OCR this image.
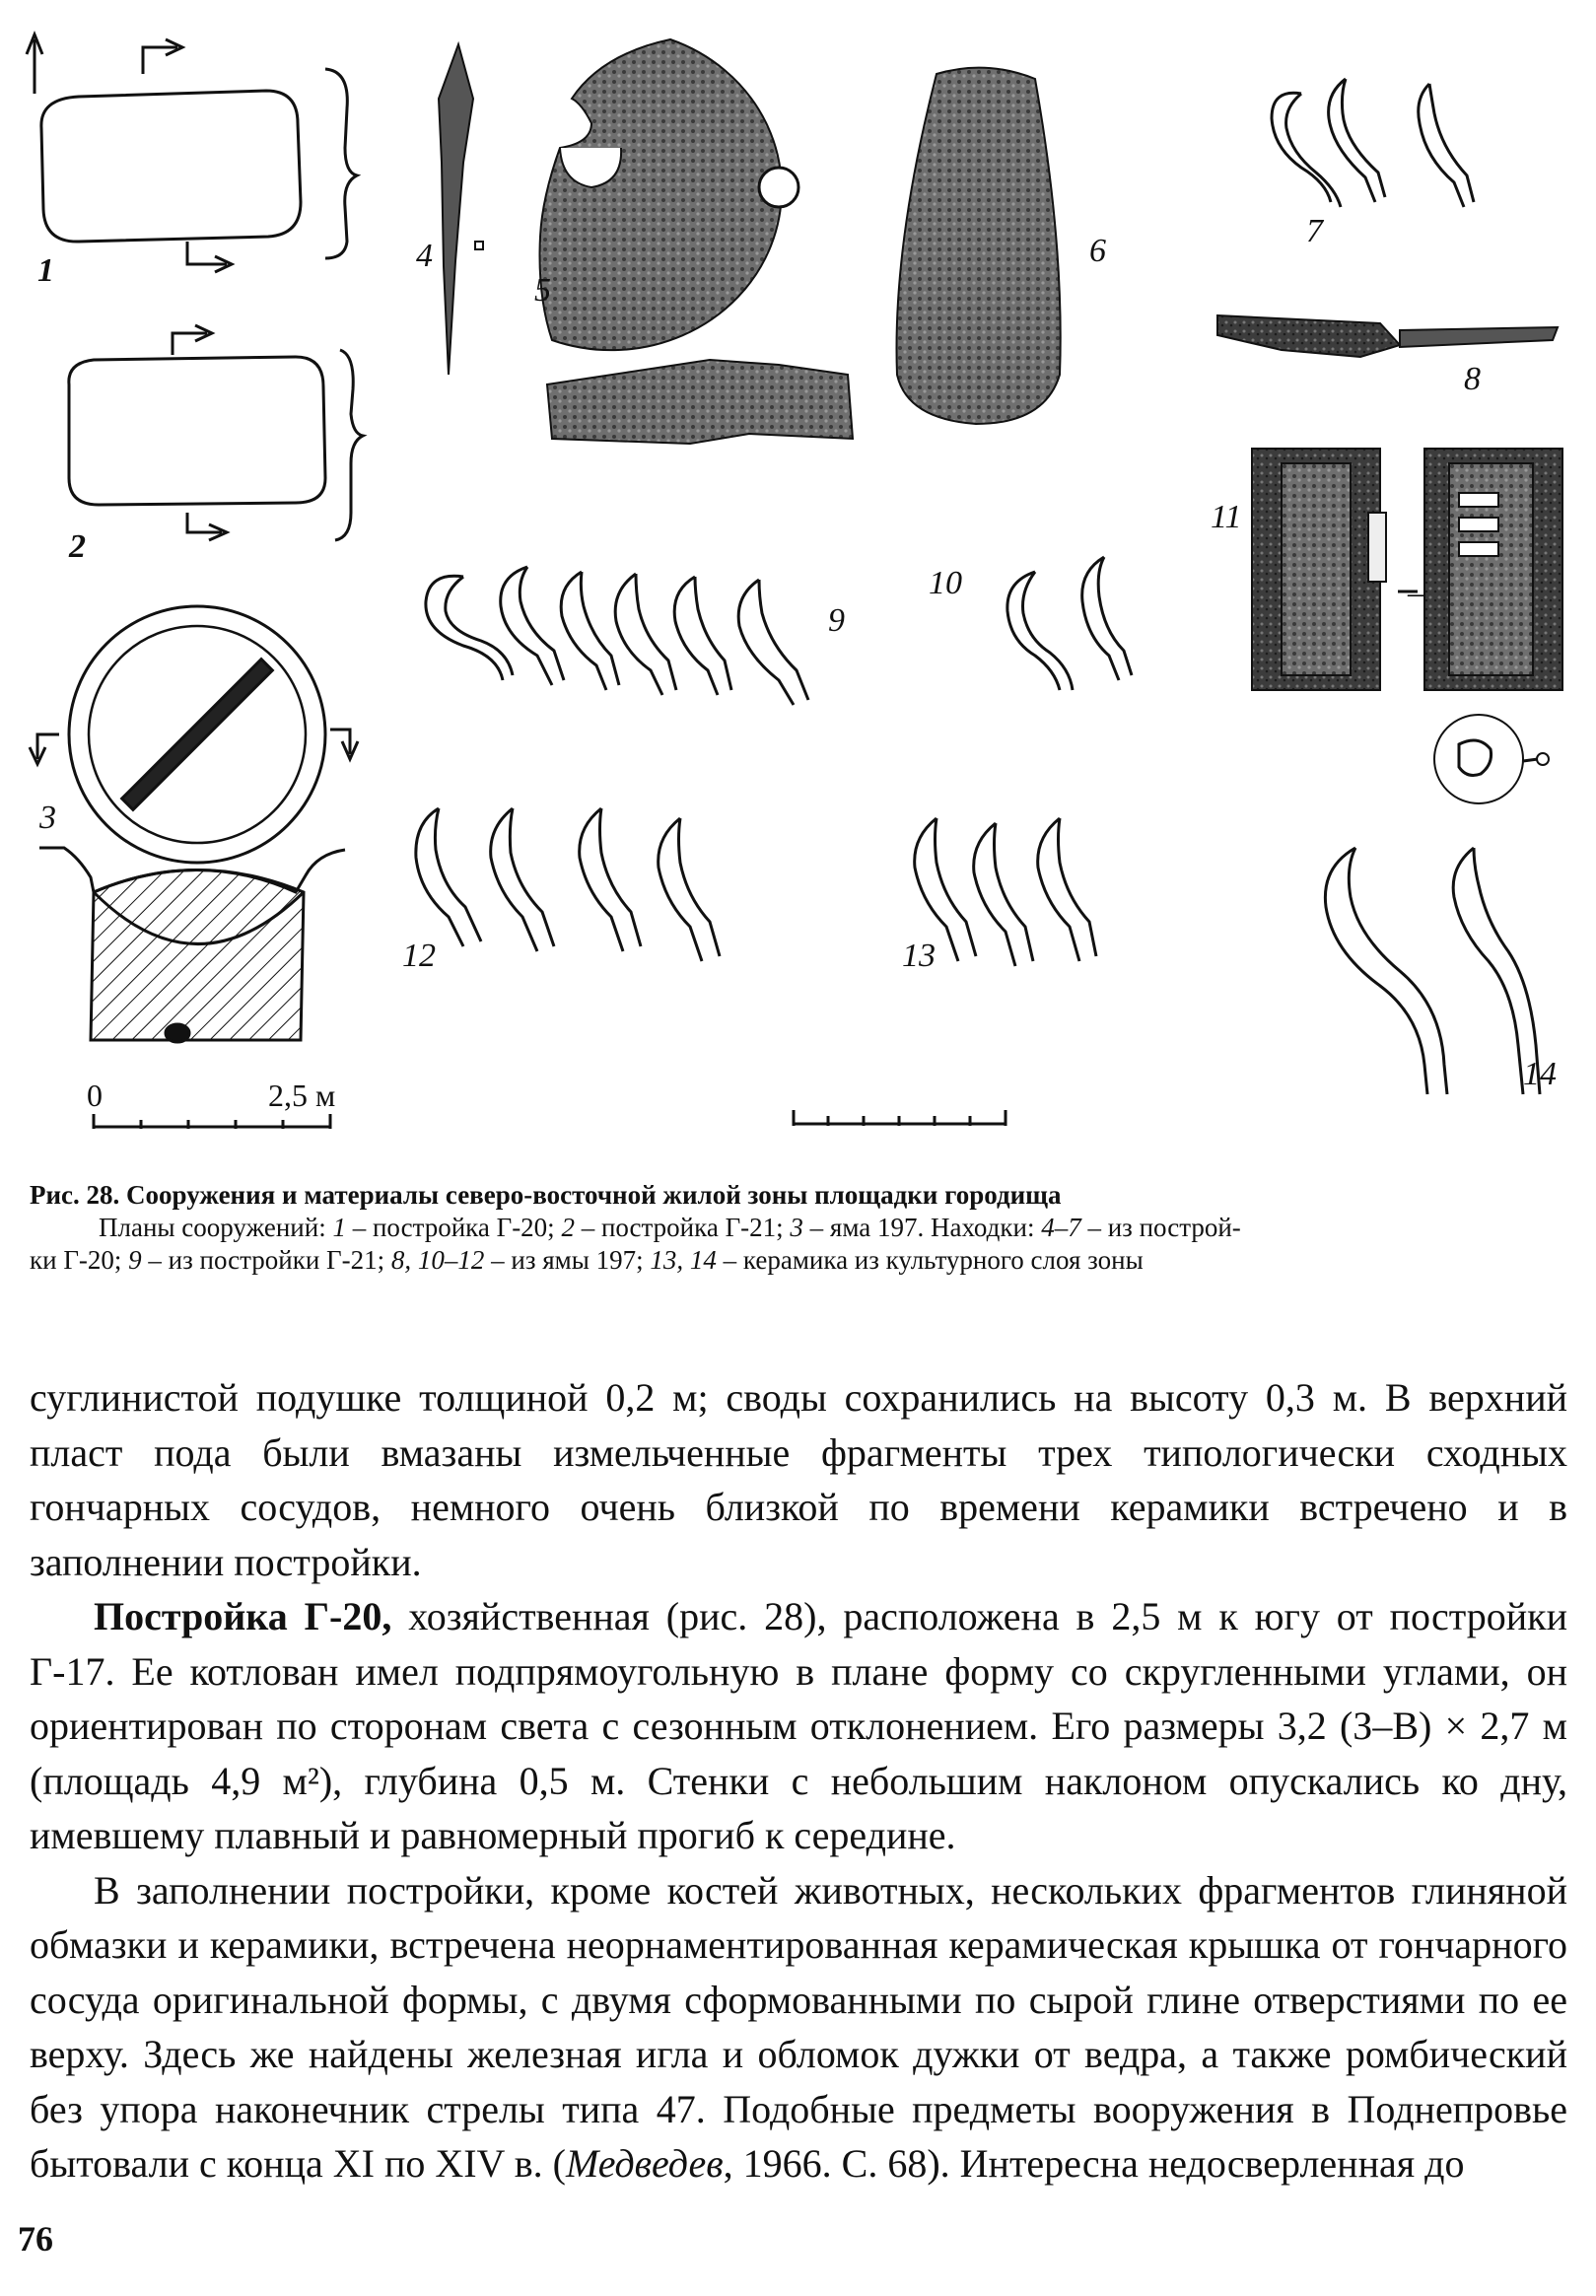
0	2,5 м
1
2
3
4
5
6
7
8
9
10
11
12	13
14
–
Рис. 28. Сооружения и материалы северо-восточной жилой зоны площадки городища
Планы сооружений: 1 – постройка Г-20; 2 – постройка Г-21; 3 – яма 197. Находки: 4–7 – из построй-
ки Г-20; 9 – из постройки Г-21; 8, 10–12 – из ямы 197; 13, 14 – керамика из культурного слоя зоны

суглинистой подушке толщиной 0,2 м; своды сохранились на высоту 0,3 м. В верхний пласт пода были вмазаны измельченные фрагменты трех типологически сходных гончарных сосудов, немного очень близкой по времени керамики встречено и в заполнении постройки.

Постройка Г-20, хозяйственная (рис. 28), расположена в 2,5 м к югу от постройки Г-17. Ее котлован имел подпрямоугольную в плане форму со скругленными углами, он ориентирован по сторонам света с сезонным отклонением. Его размеры 3,2 (З–В) × 2,7 м (площадь 4,9 м²), глубина 0,5 м. Стенки с небольшим наклоном опускались ко дну, имевшему плавный и равномерный прогиб к середине.

В заполнении постройки, кроме костей животных, нескольких фрагментов глиняной обмазки и керамики, встречена неорнаментированная керамическая крышка от гончарного сосуда оригинальной формы, с двумя сформованными по сырой глине отверстиями по ее верху. Здесь же найдены железная игла и обломок дужки от ведра, а также ромбический без упора наконечник стрелы типа 47. Подобные предметы вооружения в Поднепровье бытовали с конца XI по XIV в. (Медведев, 1966. С. 68). Интересна недосверленная до

76
